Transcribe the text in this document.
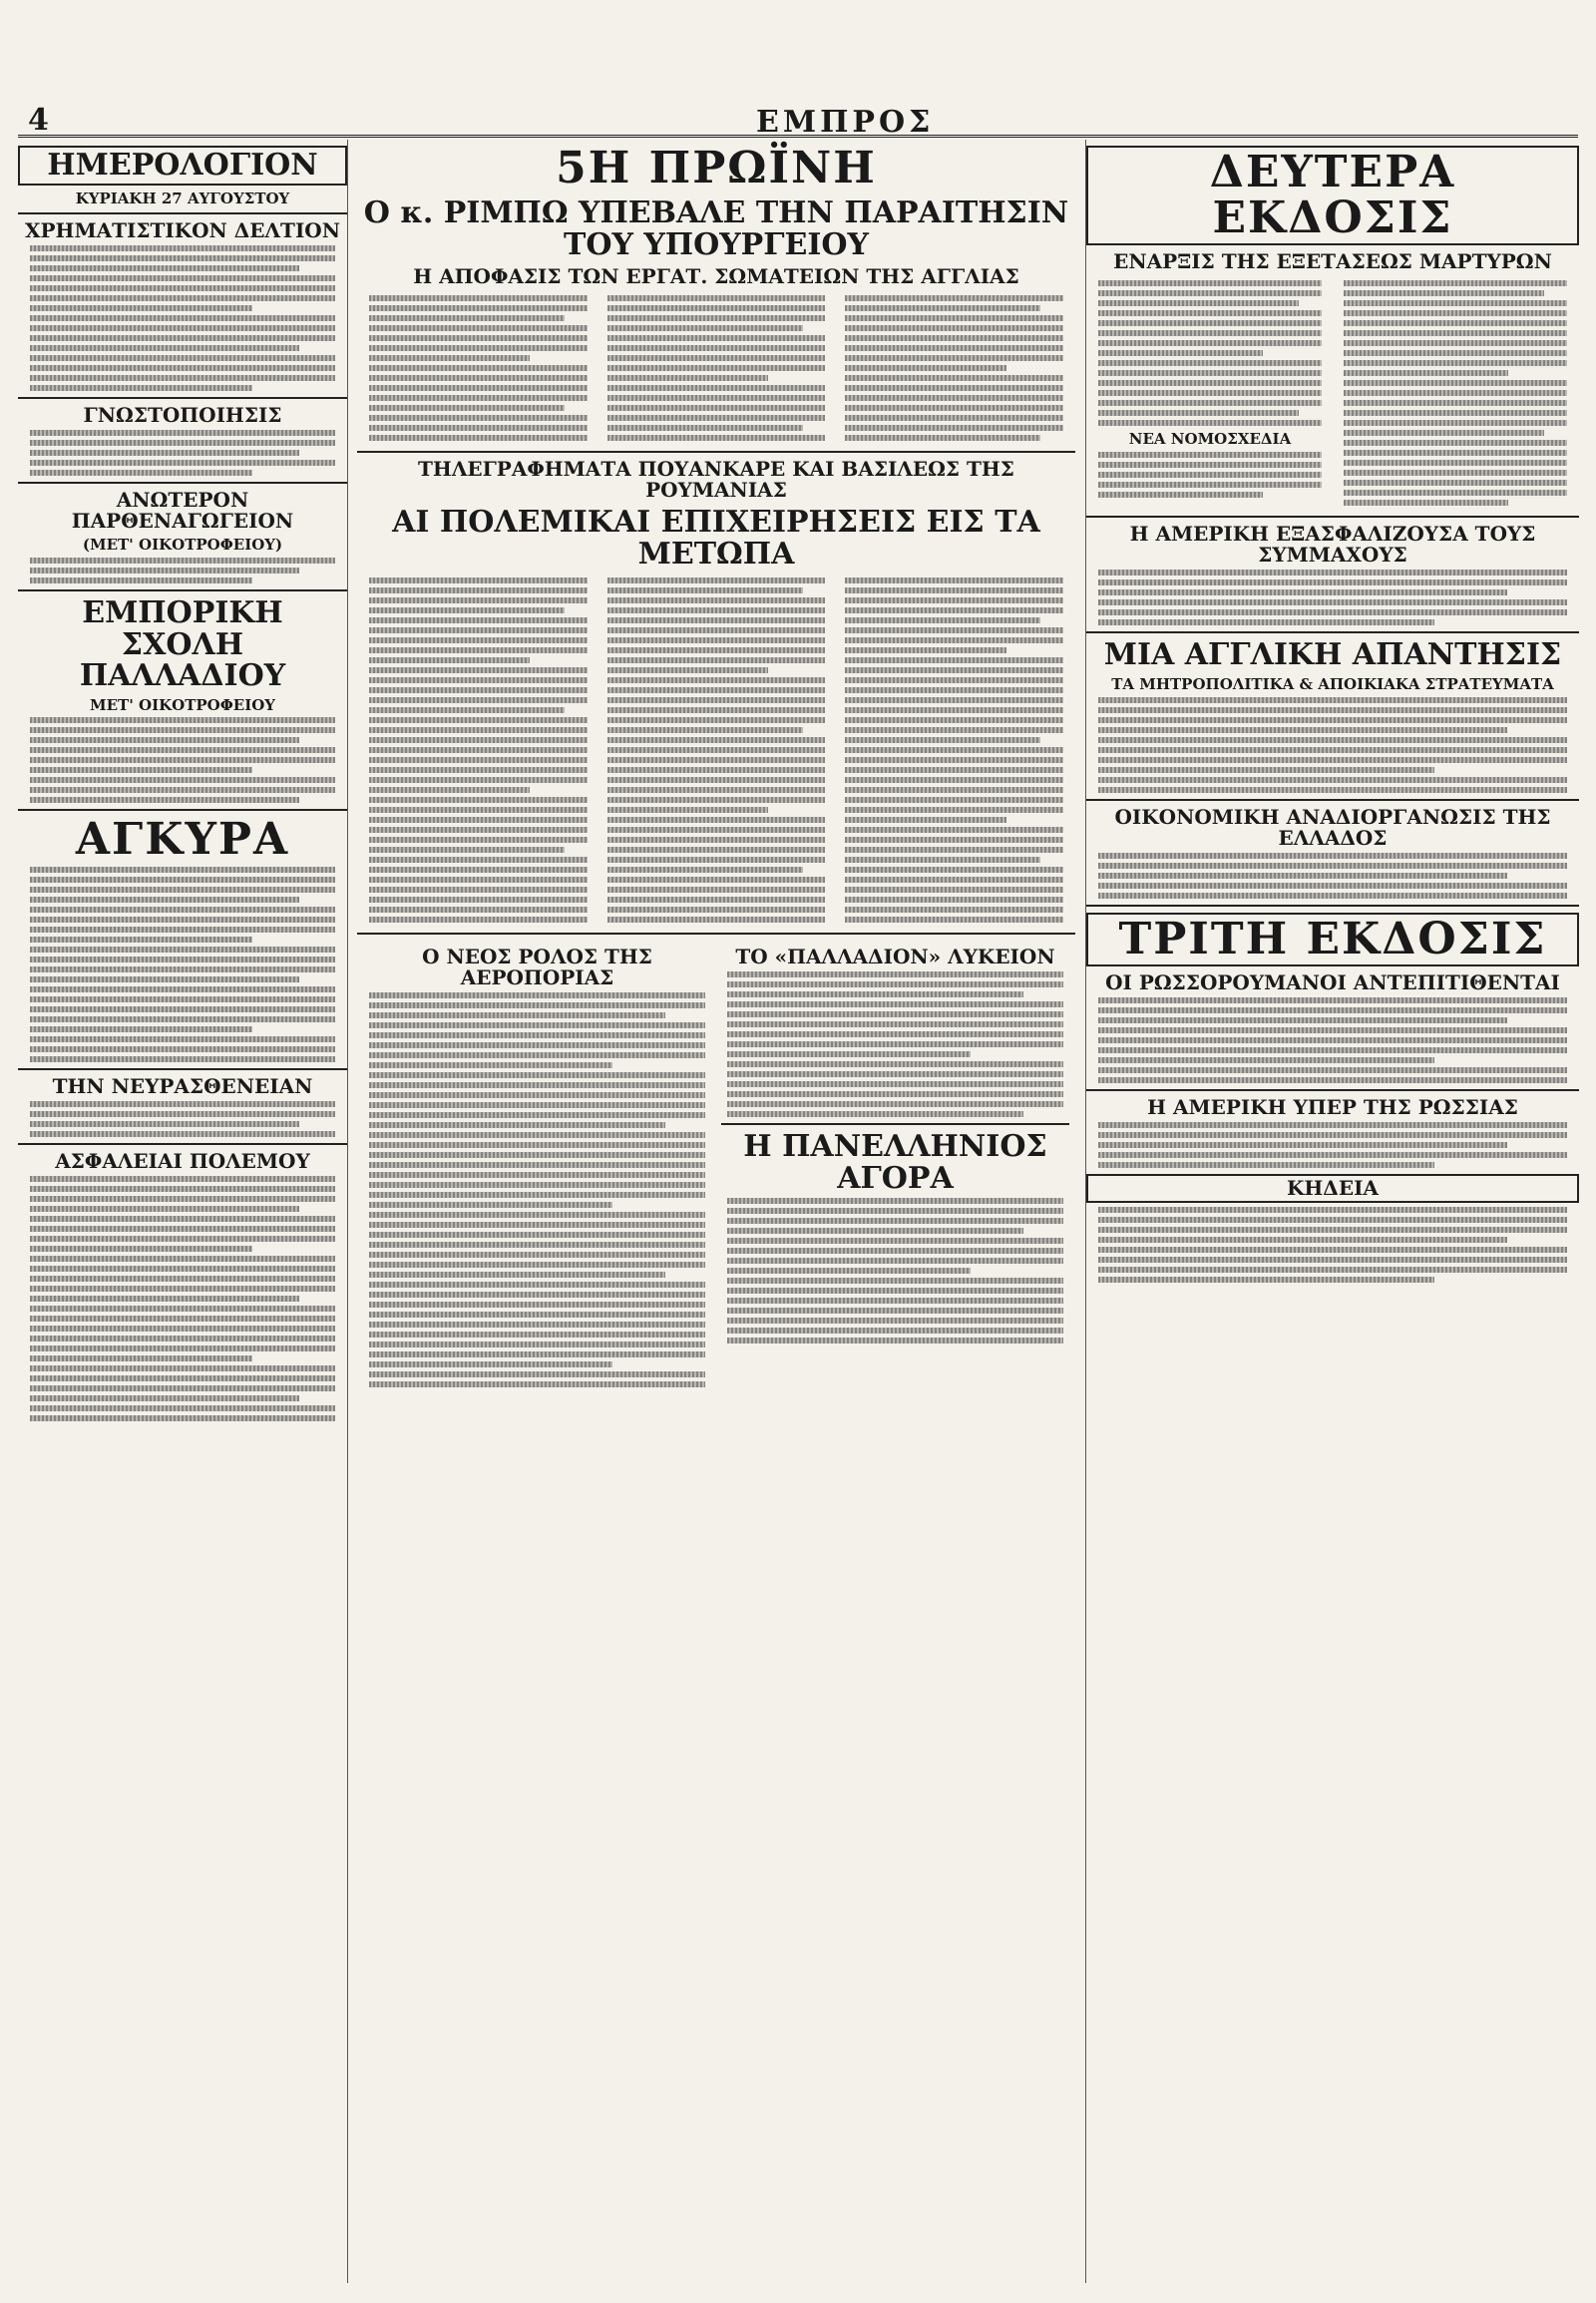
4	ΕΜΠΡΟΣ
ΗΜΕΡΟΛΟΓΙΟΝ
ΚΥΡΙΑΚΗ 27 ΑΥΓΟΥΣΤΟΥ
ΧΡΗΜΑΤΙΣΤΙΚΟΝ ΔΕΛΤΙΟΝ
ΓΝΩΣΤΟΠΟΙΗΣΙΣ
ΑΝΩΤΕΡΟΝ ΠΑΡΘΕΝΑΓΩΓΕΙΟΝ
(ΜΕΤ' ΟΙΚΟΤΡΟΦΕΙΟΥ)
ΕΜΠΟΡΙΚΗ ΣΧΟΛΗ ΠΑΛΛΑΔΙΟΥ
ΜΕΤ' ΟΙΚΟΤΡΟΦΕΙΟΥ
ΑΓΚΥΡΑ
ΤΗΝ ΝΕΥΡΑΣΘΕΝΕΙΑΝ
ΑΣΦΑΛΕΙΑΙ ΠΟΛΕΜΟΥ
5Η ΠΡΩΪΝΗ
Ο κ. ΡΙΜΠΩ ΥΠΕΒΑΛΕ ΤΗΝ ΠΑΡΑΙΤΗΣΙΝ ΤΟΥ ΥΠΟΥΡΓΕΙΟΥ
Η ΑΠΟΦΑΣΙΣ ΤΩΝ ΕΡΓΑΤ. ΣΩΜΑΤΕΙΩΝ ΤΗΣ ΑΓΓΛΙΑΣ
ΤΗΛΕΓΡΑΦΗΜΑΤΑ ΠΟΥΑΝΚΑΡΕ ΚΑΙ ΒΑΣΙΛΕΩΣ ΤΗΣ ΡΟΥΜΑΝΙΑΣ
ΑΙ ΠΟΛΕΜΙΚΑΙ ΕΠΙΧΕΙΡΗΣΕΙΣ ΕΙΣ ΤΑ ΜΕΤΩΠΑ
Ο ΝΕΟΣ ΡΟΛΟΣ ΤΗΣ ΑΕΡΟΠΟΡΙΑΣ
ΤΟ «ΠΑΛΛΑΔΙΟΝ» ΛΥΚΕΙΟΝ
Η ΠΑΝΕΛΛΗΝΙΟΣ ΑΓΟΡΑ
ΔΕΥΤΕΡΑ ΕΚΔΟΣΙΣ
ΕΝΑΡΞΙΣ ΤΗΣ ΕΞΕΤΑΣΕΩΣ ΜΑΡΤΥΡΩΝ
ΝΕΑ ΝΟΜΟΣΧΕΔΙΑ
Η ΑΜΕΡΙΚΗ ΕΞΑΣΦΑΛΙΖΟΥΣΑ ΤΟΥΣ ΣΥΜΜΑΧΟΥΣ
ΜΙΑ ΑΓΓΛΙΚΗ ΑΠΑΝΤΗΣΙΣ
ΤΑ ΜΗΤΡΟΠΟΛΙΤΙΚΑ & ΑΠΟΙΚΙΑΚΑ ΣΤΡΑΤΕΥΜΑΤΑ
ΟΙΚΟΝΟΜΙΚΗ ΑΝΑΔΙΟΡΓΑΝΩΣΙΣ ΤΗΣ ΕΛΛΑΔΟΣ
ΤΡΙΤΗ ΕΚΔΟΣΙΣ
ΟΙ ΡΩΣΣΟΡΟΥΜΑΝΟΙ ΑΝΤΕΠΙΤΙΘΕΝΤΑΙ
Η ΑΜΕΡΙΚΗ ΥΠΕΡ ΤΗΣ ΡΩΣΣΙΑΣ
ΚΗΔΕΙΑ
